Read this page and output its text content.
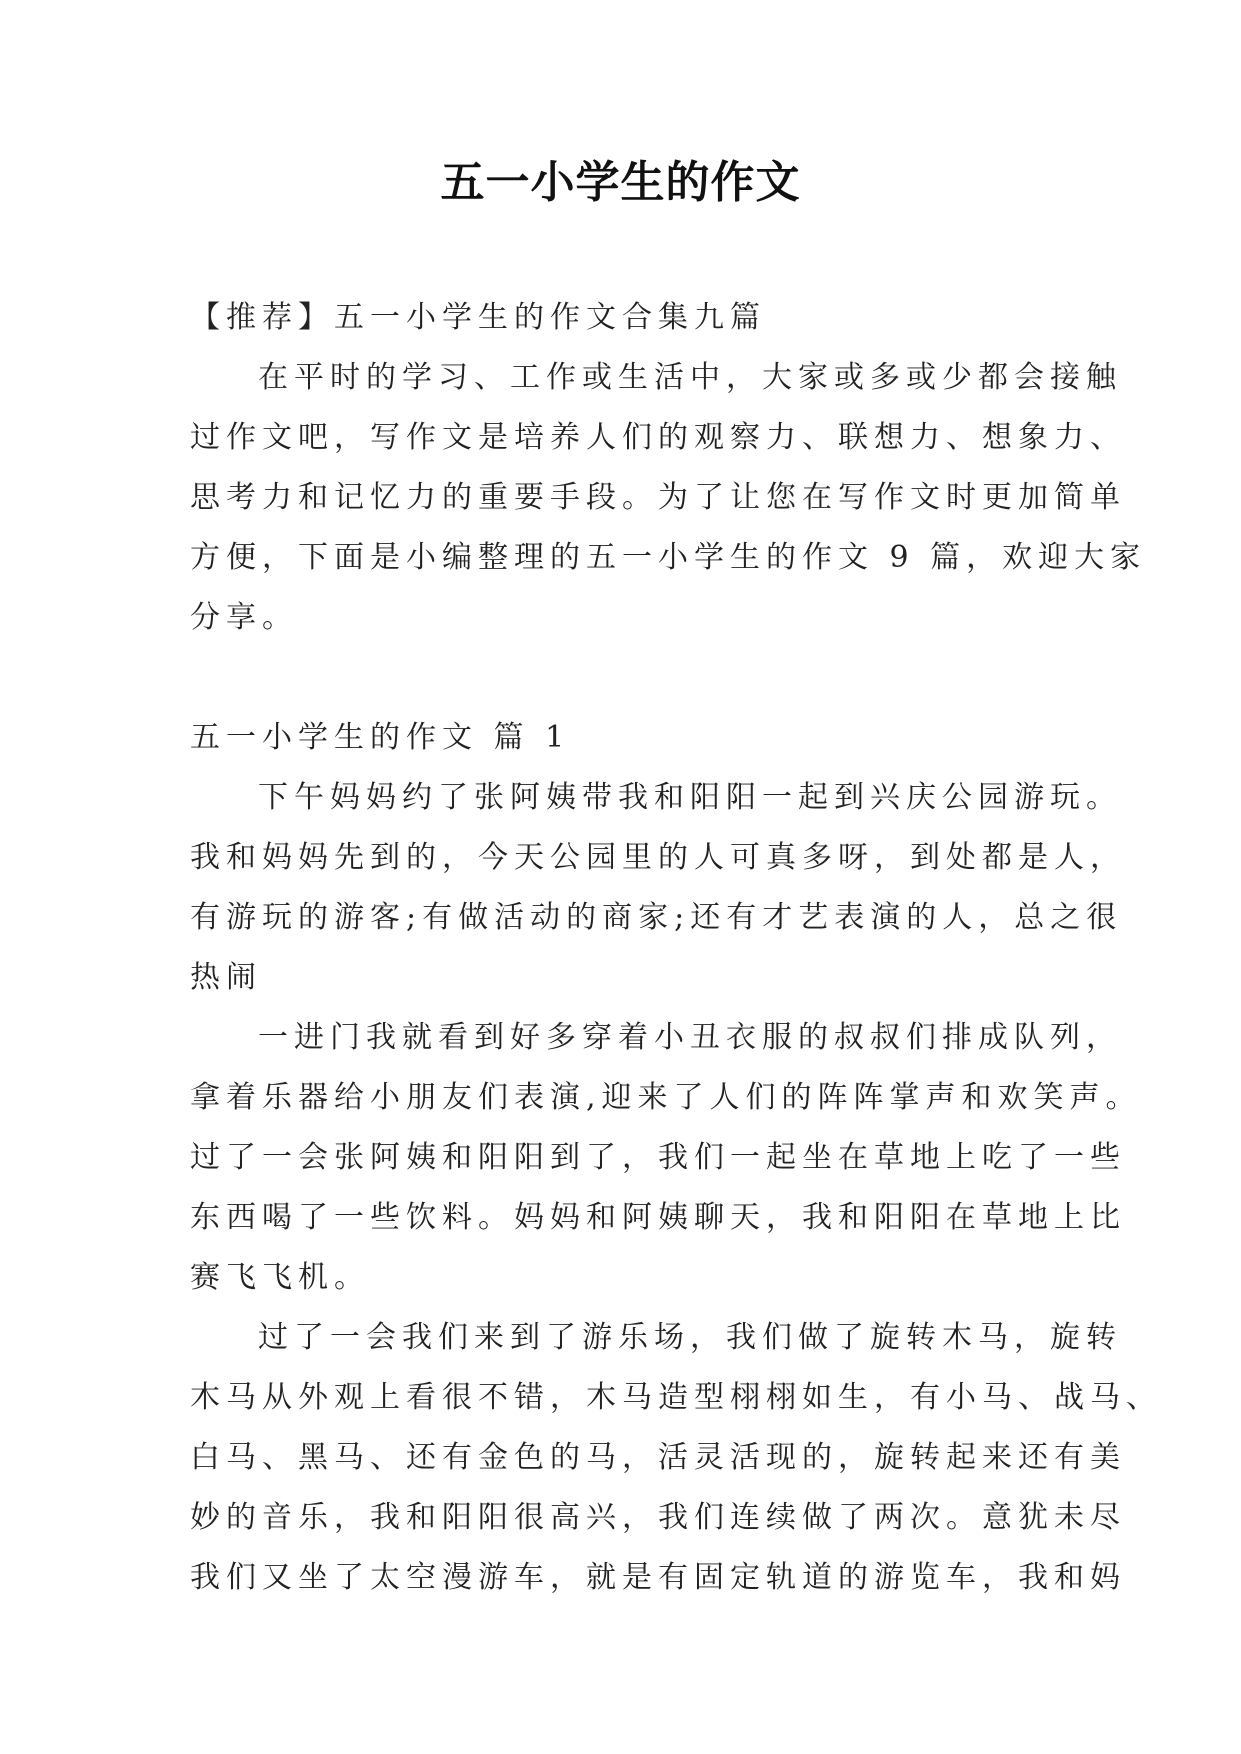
五一小学生的作文
【推荐】五一小学生的作文合集九篇
在平时的学习、工作或生活中，大家或多或少都会接触
过作文吧，写作文是培养人们的观察力、联想力、想象力、
思考力和记忆力的重要手段。为了让您在写作文时更加简单
方便，下面是小编整理的五一小学生的作文 9 篇，欢迎大家
分享。
五一小学生的作文 篇 1
下午妈妈约了张阿姨带我和阳阳一起到兴庆公园游玩。
我和妈妈先到的，今天公园里的人可真多呀，到处都是人，
有游玩的游客;有做活动的商家;还有才艺表演的人，总之很
热闹
一进门我就看到好多穿着小丑衣服的叔叔们排成队列，
拿着乐器给小朋友们表演,迎来了人们的阵阵掌声和欢笑声。
过了一会张阿姨和阳阳到了，我们一起坐在草地上吃了一些
东西喝了一些饮料。妈妈和阿姨聊天，我和阳阳在草地上比
赛飞飞机。
过了一会我们来到了游乐场，我们做了旋转木马，旋转
木马从外观上看很不错，木马造型栩栩如生，有小马、战马、
白马、黑马、还有金色的马，活灵活现的，旋转起来还有美
妙的音乐，我和阳阳很高兴，我们连续做了两次。意犹未尽
我们又坐了太空漫游车，就是有固定轨道的游览车，我和妈
